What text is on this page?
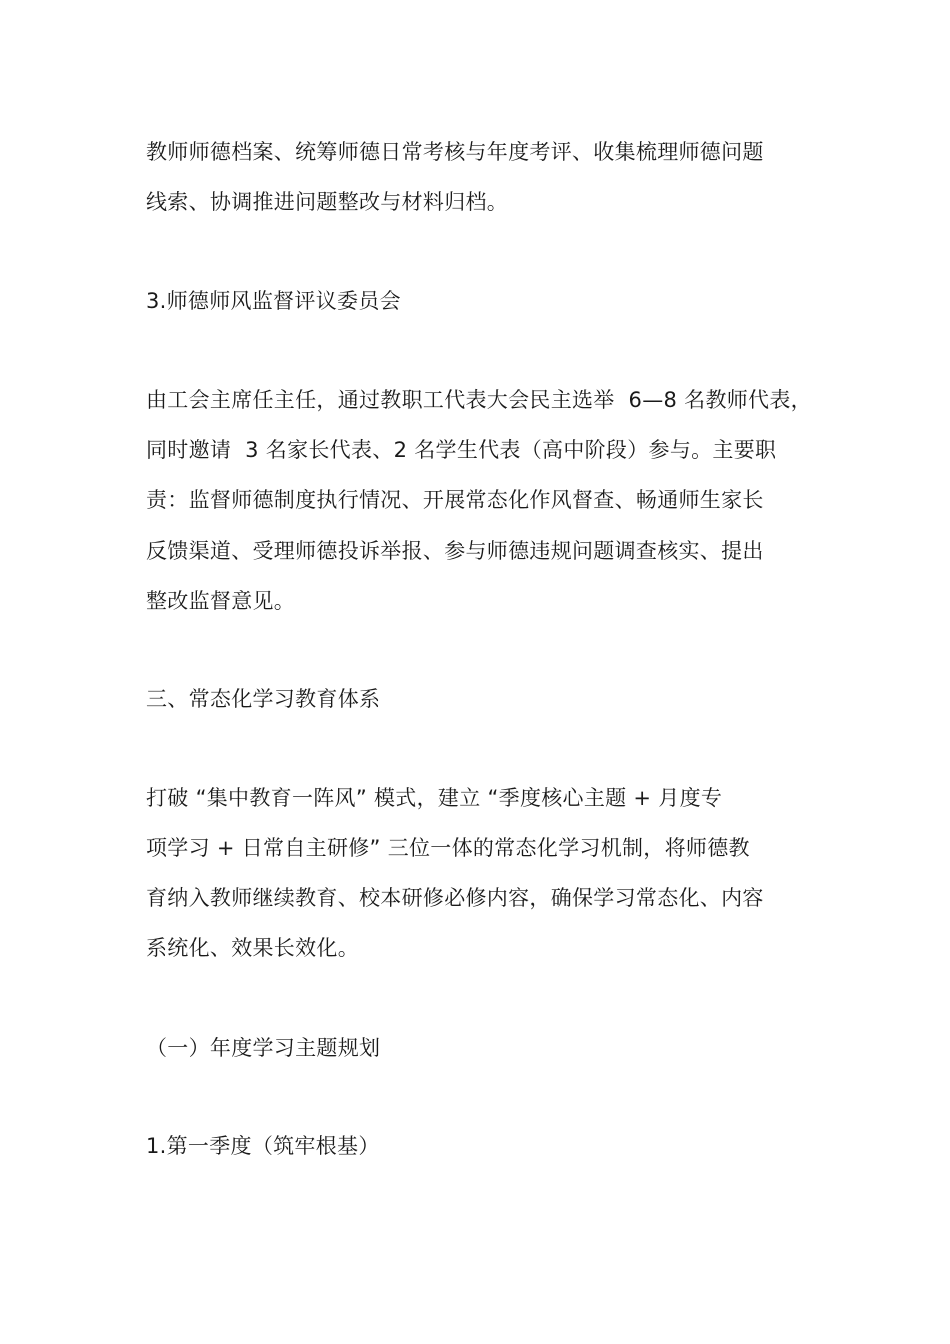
教师师德档案、统筹师德日常考核与年度考评、收集梳理师德问题
线索、协调推进问题整改与材料归档。
3.师德师风监督评议委员会
由工会主席任主任，通过教职工代表大会民主选举  6—8 名教师代表，
同时邀请  3 名家长代表、2 名学生代表（高中阶段）参与。主要职
责：监督师德制度执行情况、开展常态化作风督查、畅通师生家长
反馈渠道、受理师德投诉举报、参与师德违规问题调查核实、提出
整改监督意见。
三、常态化学习教育体系
打破 “集中教育一阵风” 模式，建立 “季度核心主题 + 月度专
项学习 + 日常自主研修” 三位一体的常态化学习机制，将师德教
育纳入教师继续教育、校本研修必修内容，确保学习常态化、内容
系统化、效果长效化。
（一）年度学习主题规划
1.第一季度（筑牢根基）
